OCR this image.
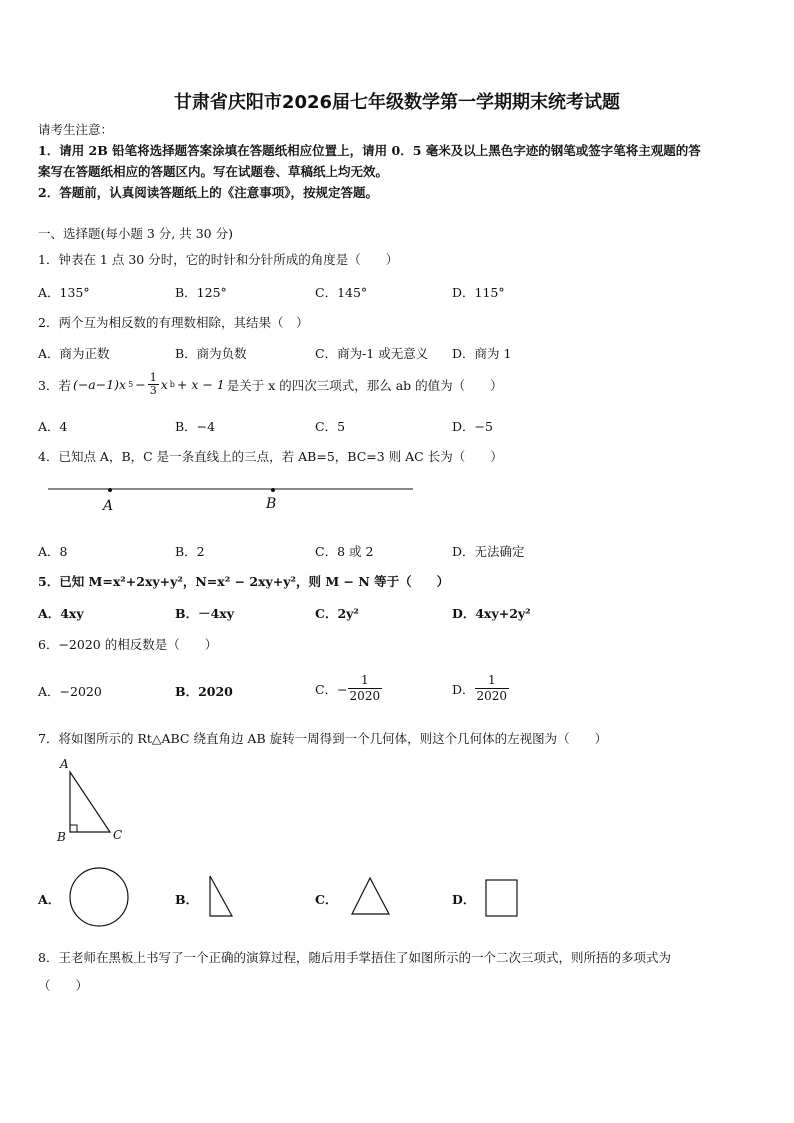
甘肃省庆阳市2026届七年级数学第一学期期末统考试题
请考生注意：
1．请用 2B 铅笔将选择题答案涂填在答题纸相应位置上，请用 0．5 毫米及以上黑色字迹的钢笔或签字笔将主观题的答
案写在答题纸相应的答题区内。写在试题卷、草稿纸上均无效。
2．答题前，认真阅读答题纸上的《注意事项》，按规定答题。
一、选择题(每小题 3 分, 共 30 分)
1．钟表在 1 点 30 分时，它的时针和分针所成的角度是（　　）
A．135°	B．125°	C．145°	D．115°
2．两个互为相反数的有理数相除，其结果（　）
A．商为正数	B．商为负数	C．商为-1 或无意义 D．商为 1
3．若 (−a−1)x $5 - \frac{1}{3}$ x b + x − 1 是关于 x 的四次三项式，那么 ab 的值为（　　）
A．4	B．−4	C．5	D．−5
4．已知点 A，B，C 是一条直线上的三点，若 AB=5，BC=3 则 AC 长为（　　）
A	B
A．8	B．2	C．8 或 2	D．无法确定
5．已知 M=x²+2xy+y²，N=x² − 2xy+y²，则 M − N 等于（　　）
A．4xy	B．－4xy	C．2y²	D．4xy+2y²
6．−2020 的相反数是（　　）
A．−2020	B．2020	C．− $\frac{1}{2020}$	D． $\frac{1}{2020}$
7．将如图所示的 Rt△ABC 绕直角边 AB 旋转一周得到一个几何体，则这个几何体的左视图为（　　）
A
B	C
A．	B．	C．	D．
8．王老师在黑板上书写了一个正确的演算过程，随后用手掌捂住了如图所示的一个二次三项式，则所捂的多项式为
（　　）
